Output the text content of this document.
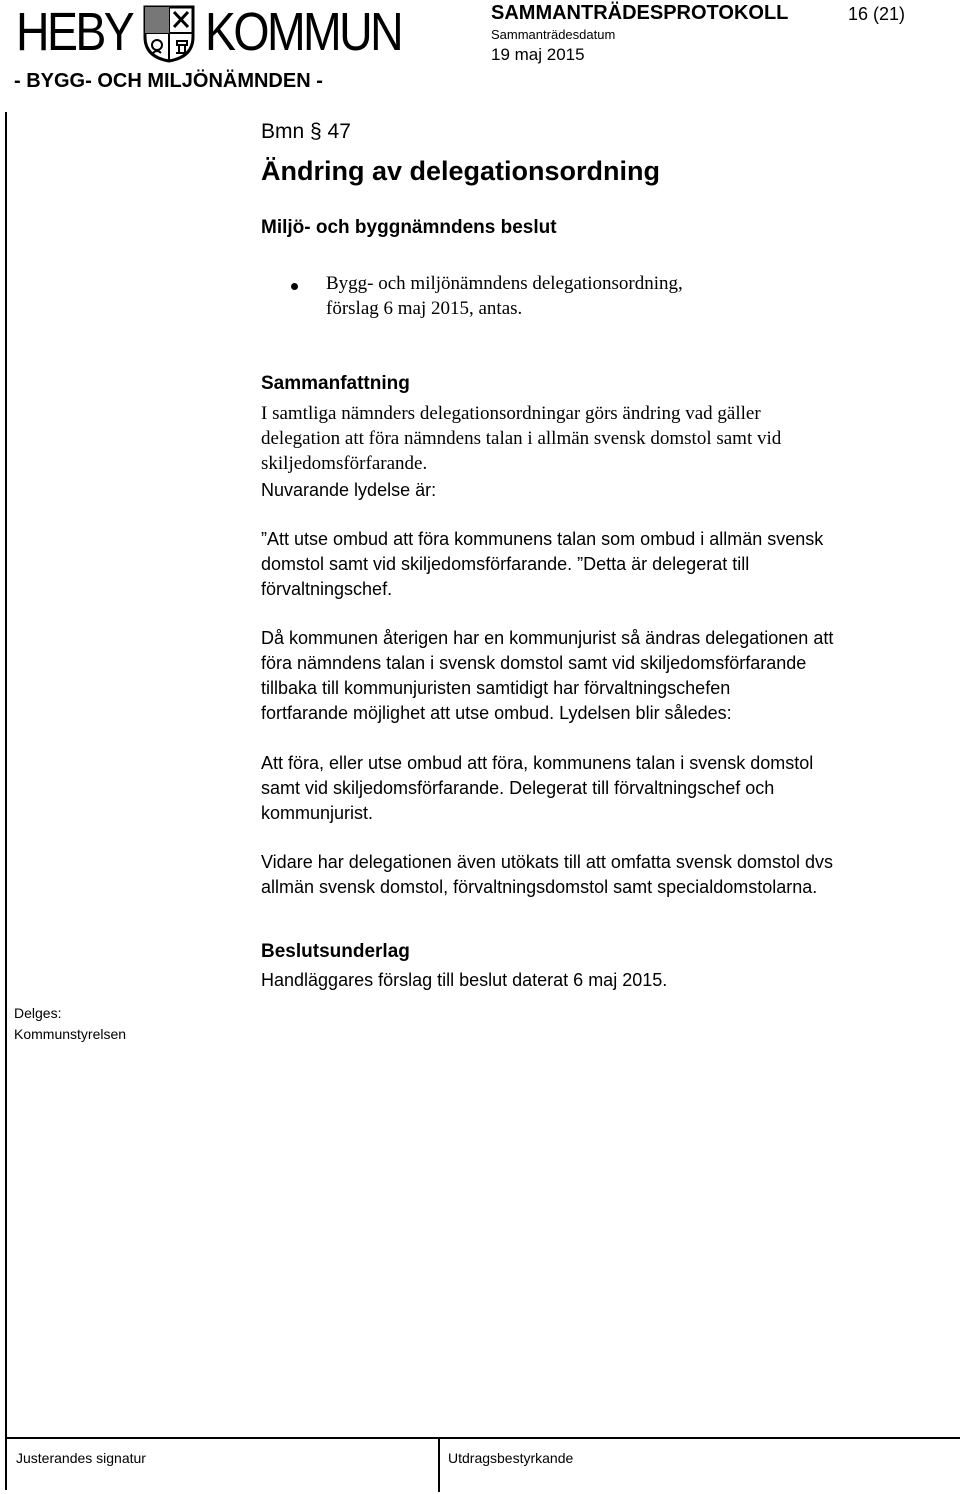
HEBY KOMMUN
- BYGG- OCH MILJÖNÄMNDEN -
SAMMANTRÄDESPROTOKOLL	16 (21)
Sammanträdesdatum
19 maj 2015
Bmn § 47
Ändring av delegationsordning
Miljö- och byggnämndens beslut
Bygg- och miljönämndens delegationsordning,
förslag 6 maj 2015, antas.
Sammanfattning
I samtliga nämnders delegationsordningar görs ändring vad gäller
delegation att föra nämndens talan i allmän svensk domstol samt vid
skiljedomsförfarande.
Nuvarande lydelse är:
”Att utse ombud att föra kommunens talan som ombud i allmän svensk
domstol samt vid skiljedomsförfarande. ”Detta är delegerat till
förvaltningschef.
Då kommunen återigen har en kommunjurist så ändras delegationen att
föra nämndens talan i svensk domstol samt vid skiljedomsförfarande
tillbaka till kommunjuristen samtidigt har förvaltningschefen
fortfarande möjlighet att utse ombud. Lydelsen blir således:
Att föra, eller utse ombud att föra, kommunens talan i svensk domstol
samt vid skiljedomsförfarande. Delegerat till förvaltningschef och
kommunjurist.
Vidare har delegationen även utökats till att omfatta svensk domstol dvs
allmän svensk domstol, förvaltningsdomstol samt specialdomstolarna.
Beslutsunderlag
Handläggares förslag till beslut daterat 6 maj 2015.
Delges:
Kommunstyrelsen
Justerandes signatur	Utdragsbestyrkande
